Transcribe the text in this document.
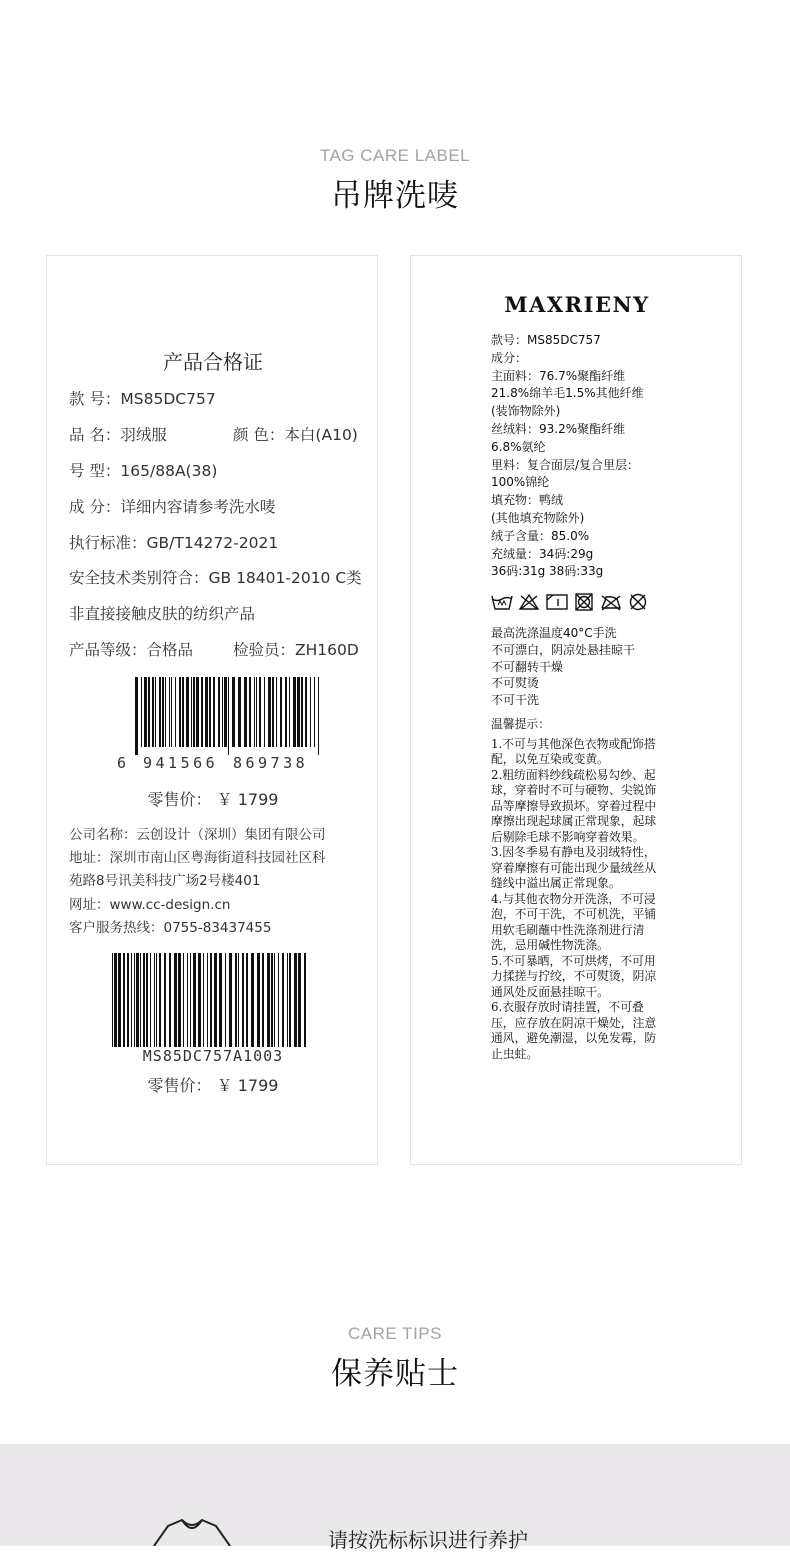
TAG CARE LABEL
吊牌洗唛
产品合格证
款 号：MS85DC757
品 名：羽绒服	颜 色：本白(A10)
号 型：165/88A(38)
成 分：详细内容请参考洗水唛
执行标准：GB/T14272-2021
安全技术类别符合：GB 18401-2010 C类
非直接接触皮肤的纺织产品
产品等级：合格品	检验员：ZH160D
6 941566 869738
零售价： ￥ 1799
公司名称：云创设计（深圳）集团有限公司
地址：深圳市南山区粤海街道科技园社区科
苑路8号讯美科技广场2号楼401
网址：www.cc-design.cn
客户服务热线：0755-83437455
MS85DC757A1003
零售价： ￥ 1799
MAXRIENY
款号：MS85DC757
成分：
主面料：76.7%聚酯纤维
21.8%绵羊毛1.5%其他纤维
(装饰物除外)
丝绒料：93.2%聚酯纤维
6.8%氨纶
里料：复合面层/复合里层：
100%锦纶
填充物：鸭绒
(其他填充物除外)
绒子含量：85.0%
充绒量：34码:29g
36码:31g 38码:33g
最高洗涤温度40°C手洗
不可漂白，阴凉处悬挂晾干
不可翻转干燥
不可熨烫
不可干洗
温馨提示：
1.不可与其他深色衣物或配饰搭配，以免互染或变黄。
2.粗纺面料纱线疏松易勾纱、起球，穿着时不可与硬物、尖锐饰品等摩擦导致损坏。穿着过程中摩擦出现起球属正常现象，起球后剔除毛球不影响穿着效果。
3.因冬季易有静电及羽绒特性，穿着摩擦有可能出现少量绒丝从缝线中溢出属正常现象。
4.与其他衣物分开洗涤，不可浸泡，不可干洗，不可机洗，平铺用软毛刷蘸中性洗涤剂进行清洗，忌用碱性物洗涤。
5.不可暴晒，不可烘烤，不可用力揉搓与拧绞，不可熨烫，阴凉通风处反面悬挂晾干。
6.衣服存放时请挂置，不可叠压，应存放在阴凉干燥处，注意通风，避免潮湿，以免发霉，防止虫蛀。
CARE TIPS
保养贴士
请按洗标标识进行养护
